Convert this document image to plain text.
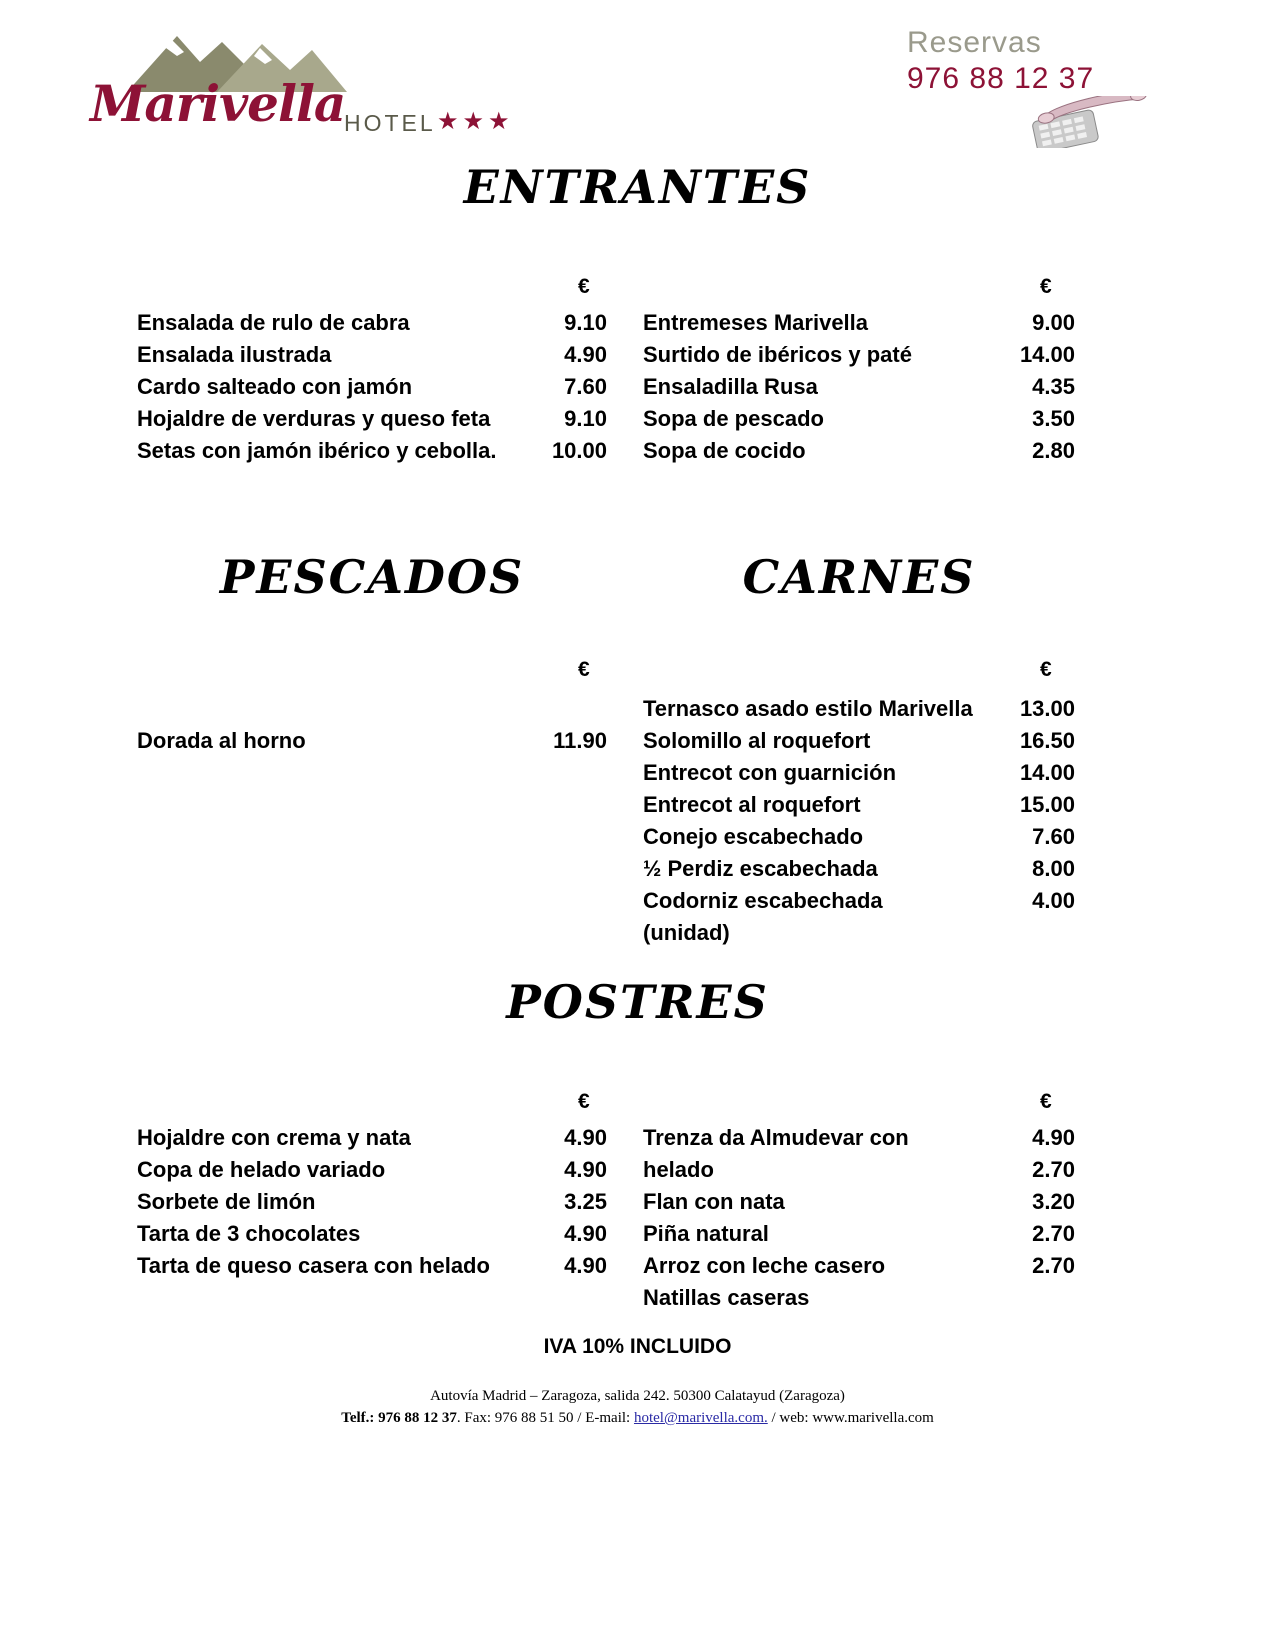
Marivella
HOTEL ★★★
Reservas
976 88 12 37
ENTRANTES
€	€
Ensalada de rulo de cabra	9.10
Ensalada ilustrada	4.90
Cardo salteado con jamón	7.60
Hojaldre de verduras y queso feta	9.10
Setas con jamón ibérico y cebolla.	10.00
Entremeses Marivella	9.00
Surtido de ibéricos y paté	14.00
Ensaladilla Rusa	4.35
Sopa de pescado	3.50
Sopa de cocido	2.80
PESCADOS	CARNES
€	€
Dorada al horno	11.90
Ternasco asado estilo Marivella	13.00
Solomillo al roquefort	16.50
Entrecot con guarnición	14.00
Entrecot al roquefort	15.00
Conejo escabechado	7.60
½ Perdiz escabechada	8.00
Codorniz escabechada	4.00
(unidad)	
POSTRES
€	€
Hojaldre con crema y nata	4.90
Copa de helado variado	4.90
Sorbete de limón	3.25
Tarta de 3 chocolates	4.90
Tarta de queso casera con helado	4.90
Trenza da Almudevar con	4.90
helado	2.70
Flan con nata	3.20
Piña natural	2.70
Arroz con leche casero	2.70
Natillas caseras	
IVA 10% INCLUIDO
Autovía Madrid – Zaragoza, salida 242. 50300 Calatayud (Zaragoza)
Telf.: 976 88 12 37. Fax: 976 88 51 50 / E-mail: hotel@marivella.com. / web: www.marivella.com
